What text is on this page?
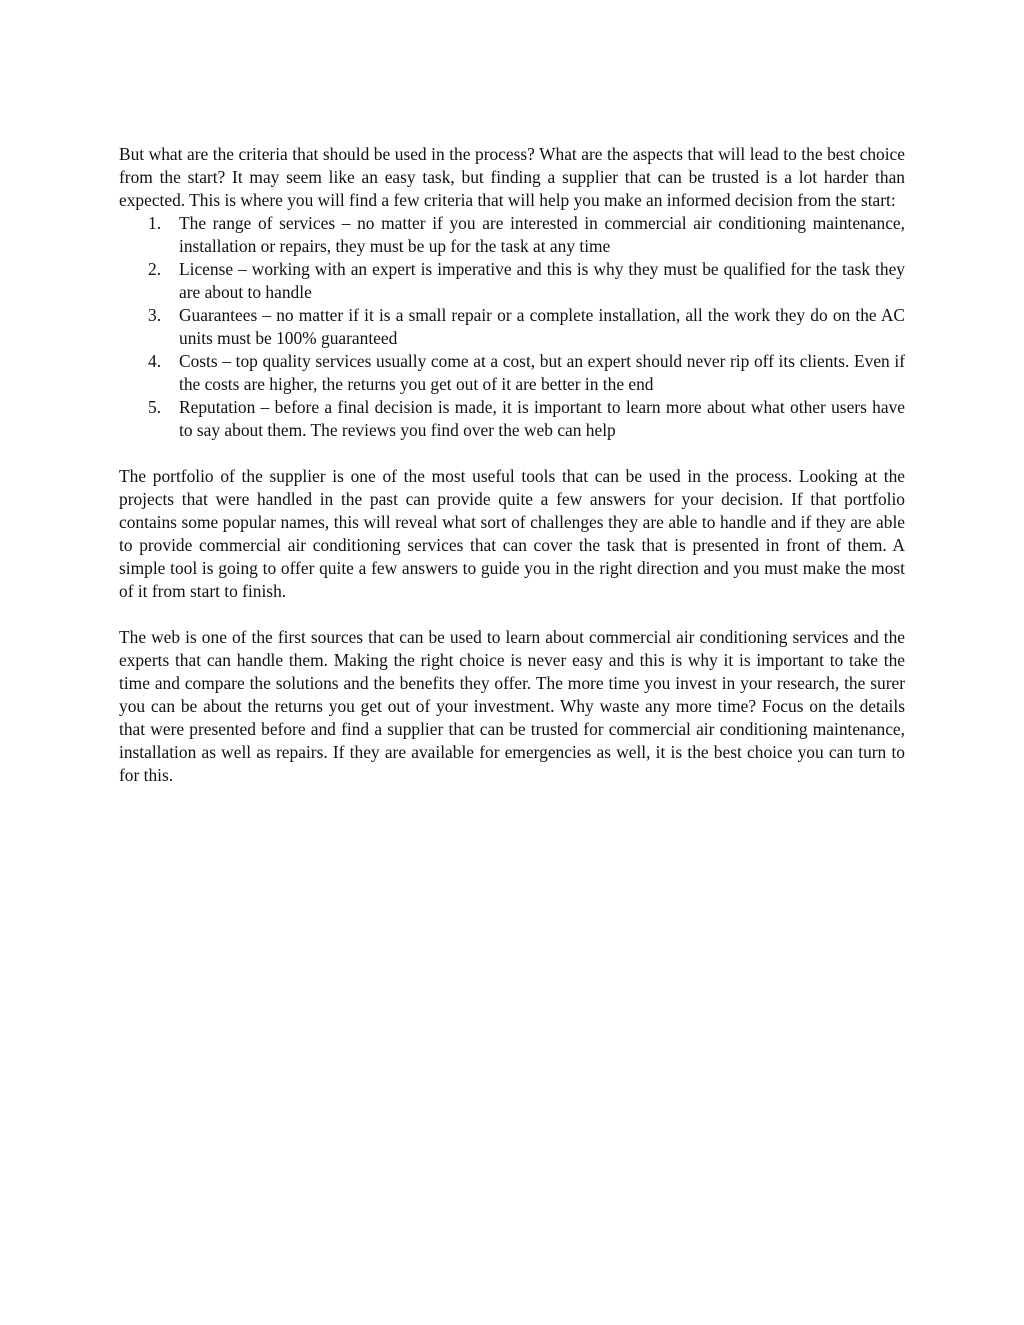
But what are the criteria that should be used in the process? What are the aspects that will lead to the best choice from the start? It may seem like an easy task, but finding a supplier that can be trusted is a lot harder than expected. This is where you will find a few criteria that will help you make an informed decision from the start:

1. The range of services – no matter if you are interested in commercial air conditioning maintenance, installation or repairs, they must be up for the task at any time
2. License – working with an expert is imperative and this is why they must be qualified for the task they are about to handle
3. Guarantees – no matter if it is a small repair or a complete installation, all the work they do on the AC units must be 100% guaranteed
4. Costs – top quality services usually come at a cost, but an expert should never rip off its clients. Even if the costs are higher, the returns you get out of it are better in the end
5. Reputation – before a final decision is made, it is important to learn more about what other users have to say about them. The reviews you find over the web can help

The portfolio of the supplier is one of the most useful tools that can be used in the process. Looking at the projects that were handled in the past can provide quite a few answers for your decision. If that portfolio contains some popular names, this will reveal what sort of challenges they are able to handle and if they are able to provide commercial air conditioning services that can cover the task that is presented in front of them. A simple tool is going to offer quite a few answers to guide you in the right direction and you must make the most of it from start to finish.

The web is one of the first sources that can be used to learn about commercial air conditioning services and the experts that can handle them. Making the right choice is never easy and this is why it is important to take the time and compare the solutions and the benefits they offer. The more time you invest in your research, the surer you can be about the returns you get out of your investment. Why waste any more time? Focus on the details that were presented before and find a supplier that can be trusted for commercial air conditioning maintenance, installation as well as repairs. If they are available for emergencies as well, it is the best choice you can turn to for this.
